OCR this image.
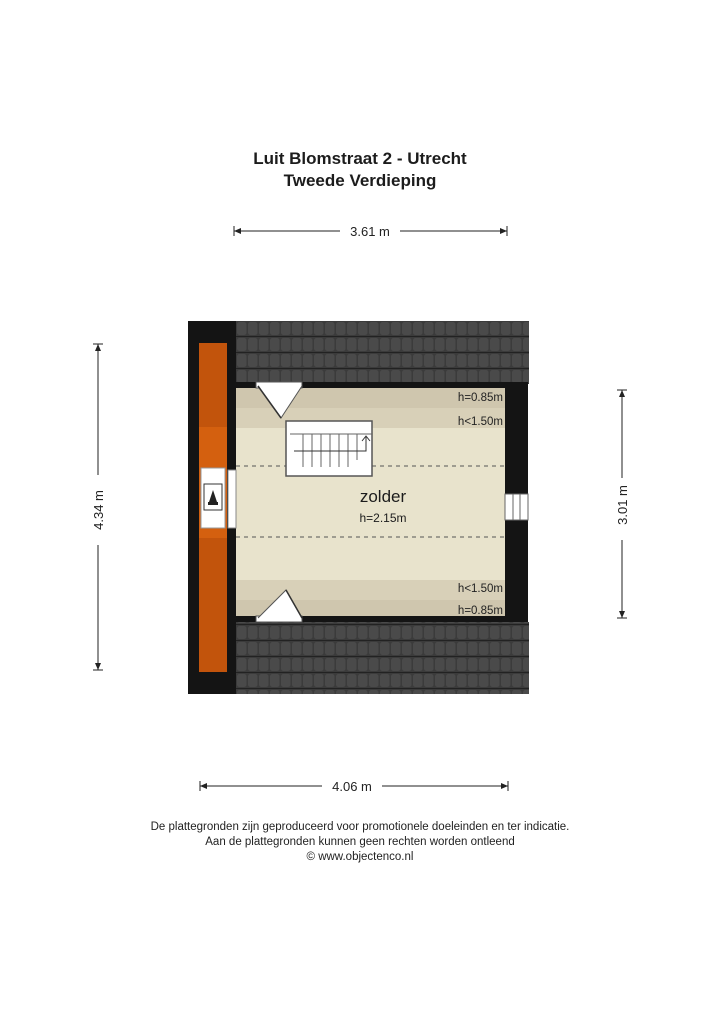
Luit Blomstraat 2 - Utrecht
Tweede Verdieping
3.61 m
4.34 m	3.01 m
4.06 m
h=0.85m
h<1.50m
h<1.50m
h=0.85m
zolder
h=2.15m
De plattegronden zijn geproduceerd voor promotionele doeleinden en ter indicatie.
Aan de plattegronden kunnen geen rechten worden ontleend
© www.objectenco.nl
